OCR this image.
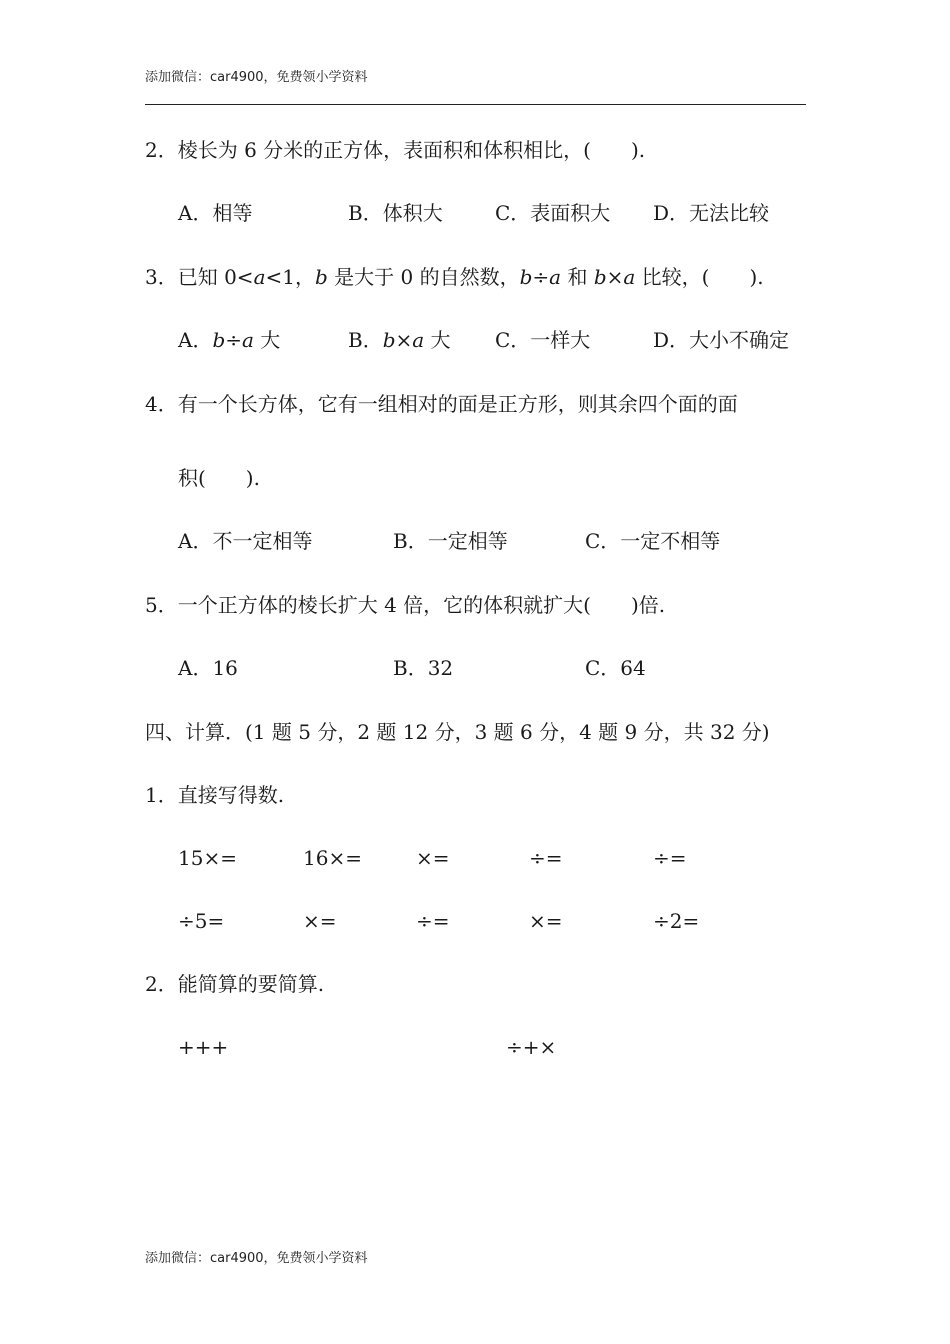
添加微信：car4900，免费领小学资料
2．棱长为 6 分米的正方体，表面积和体积相比，(　　).
A．相等	B．体积大	C．表面积大 D．无法比较
3．已知 0<a<1，b 是大于 0 的自然数，b÷a 和 b×a 比较，(　　).
A．b÷a 大	B．b×a 大 C．一样大	D．大小不确定
4．有一个长方体，它有一组相对的面是正方形，则其余四个面的面
积(　　).
A．不一定相等	B．一定相等	C．一定不相等
5．一个正方体的棱长扩大 4 倍，它的体积就扩大(　　)倍.
A．16	B．32	C．64
四、计算．(1 题 5 分，2 题 12 分，3 题 6 分，4 题 9 分，共 32 分)
1．直接写得数.
15×=	16×=	×=	÷=	÷=
÷5=	×=	÷=	×=	÷2=
2．能简算的要简算.
+++	÷+×
添加微信：car4900，免费领小学资料
